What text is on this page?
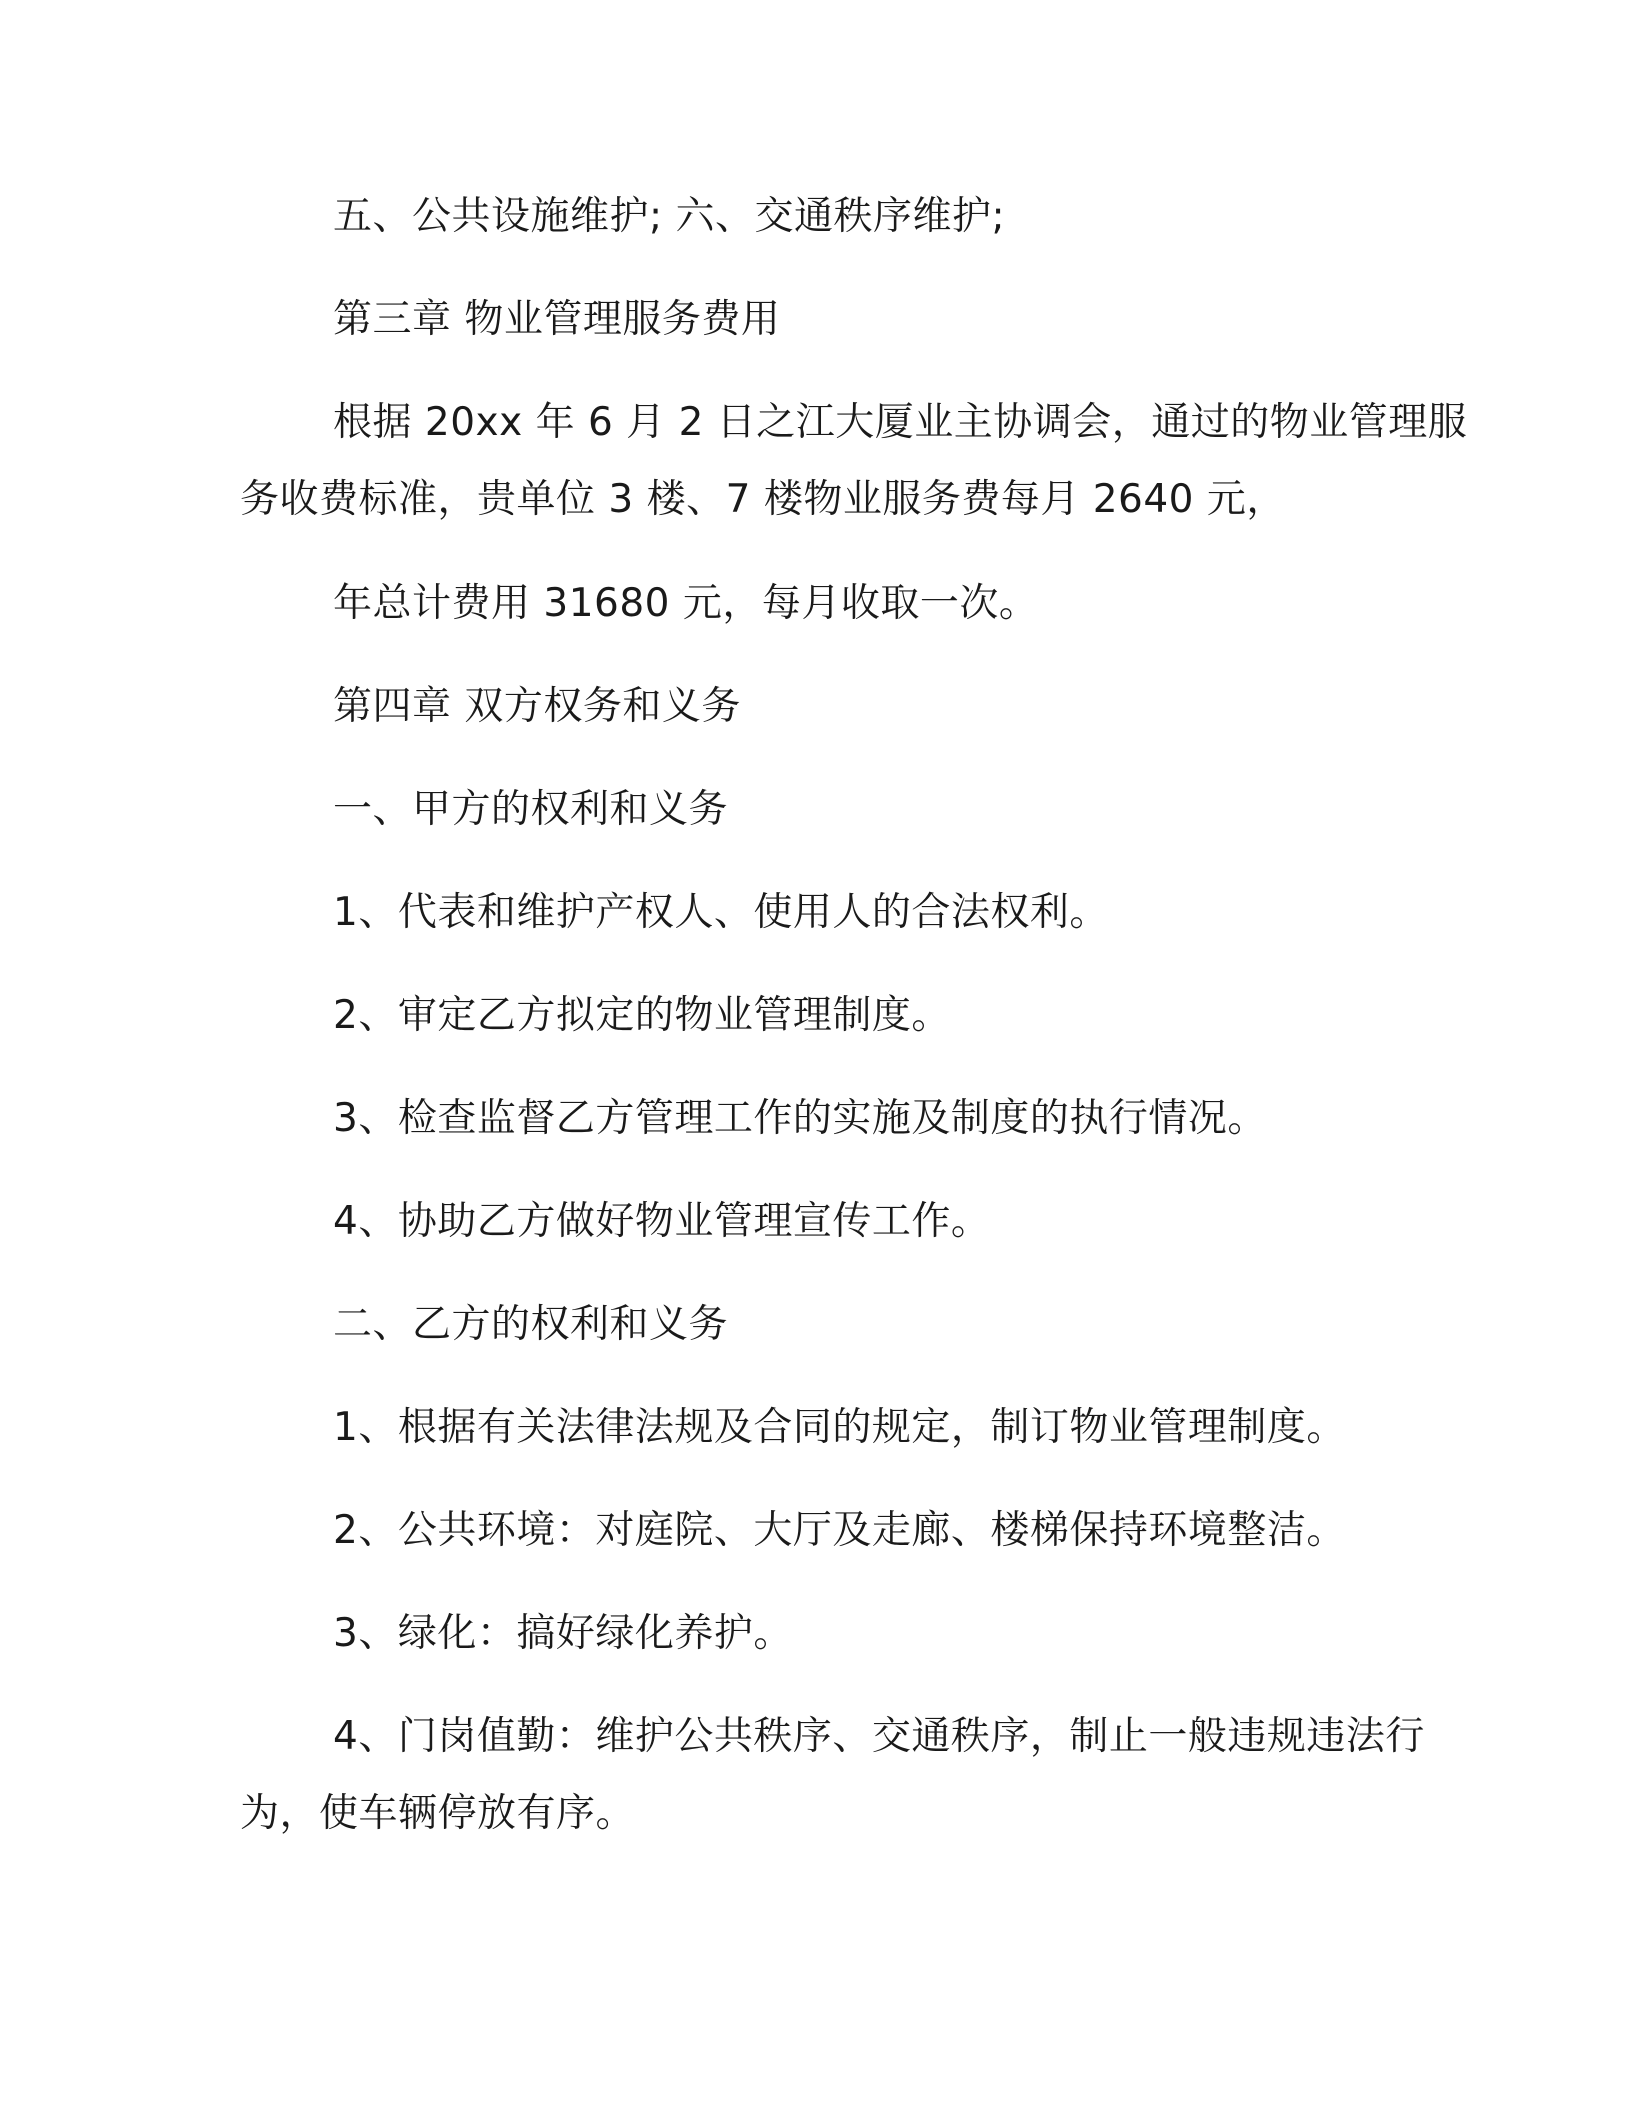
五、公共设施维护; 六、交通秩序维护;
第三章 物业管理服务费用
根据 20xx 年 6 月 2 日之江大厦业主协调会，通过的物业管理服
务收费标准，贵单位 3 楼、7 楼物业服务费每月 2640 元，
年总计费用 31680 元，每月收取一次。
第四章 双方权务和义务
一、甲方的权利和义务
1、代表和维护产权人、使用人的合法权利。
2、审定乙方拟定的物业管理制度。
3、检查监督乙方管理工作的实施及制度的执行情况。
4、协助乙方做好物业管理宣传工作。
二、乙方的权利和义务
1、根据有关法律法规及合同的规定，制订物业管理制度。
2、公共环境：对庭院、大厅及走廊、楼梯保持环境整洁。
3、绿化：搞好绿化养护。
4、门岗值勤：维护公共秩序、交通秩序，制止一般违规违法行
为，使车辆停放有序。
